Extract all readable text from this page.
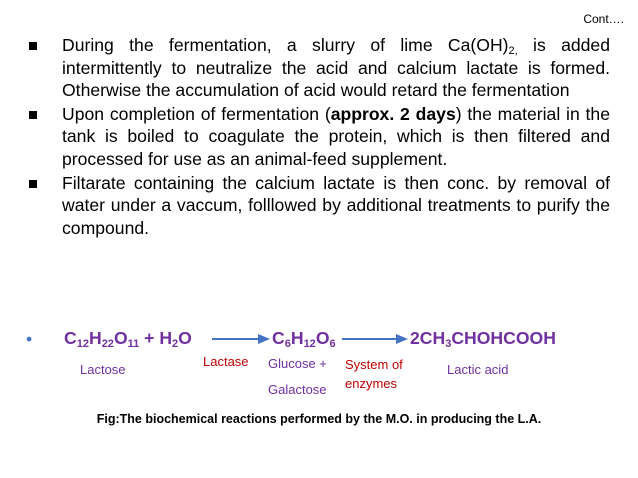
Cont….
During the fermentation, a slurry of lime $Ca(OH)_{2,}$ is added intermittently to neutralize the acid and calcium lactate is formed. Otherwise the accumulation of acid would retard the fermentation
Upon completion of fermentation (approx. 2 days) the material in the tank is boiled to coagulate the protein, which is then filtered and processed for use as an animal-feed supplement.
Filtarate containing the calcium lactate is then conc. by removal of water under a vaccum, folllowed by additional treatments to purify the compound.
• $C_{12}H_{22}O_{11} + H_2O$	$C_6H_{12}O_6$	$2CH_3CHOHCOOH$
Lactose
Lactase Glucose +
Galactose
System of
enzymes
Lactic acid
Fig:The biochemical reactions performed by the M.O. in producing the L.A.
